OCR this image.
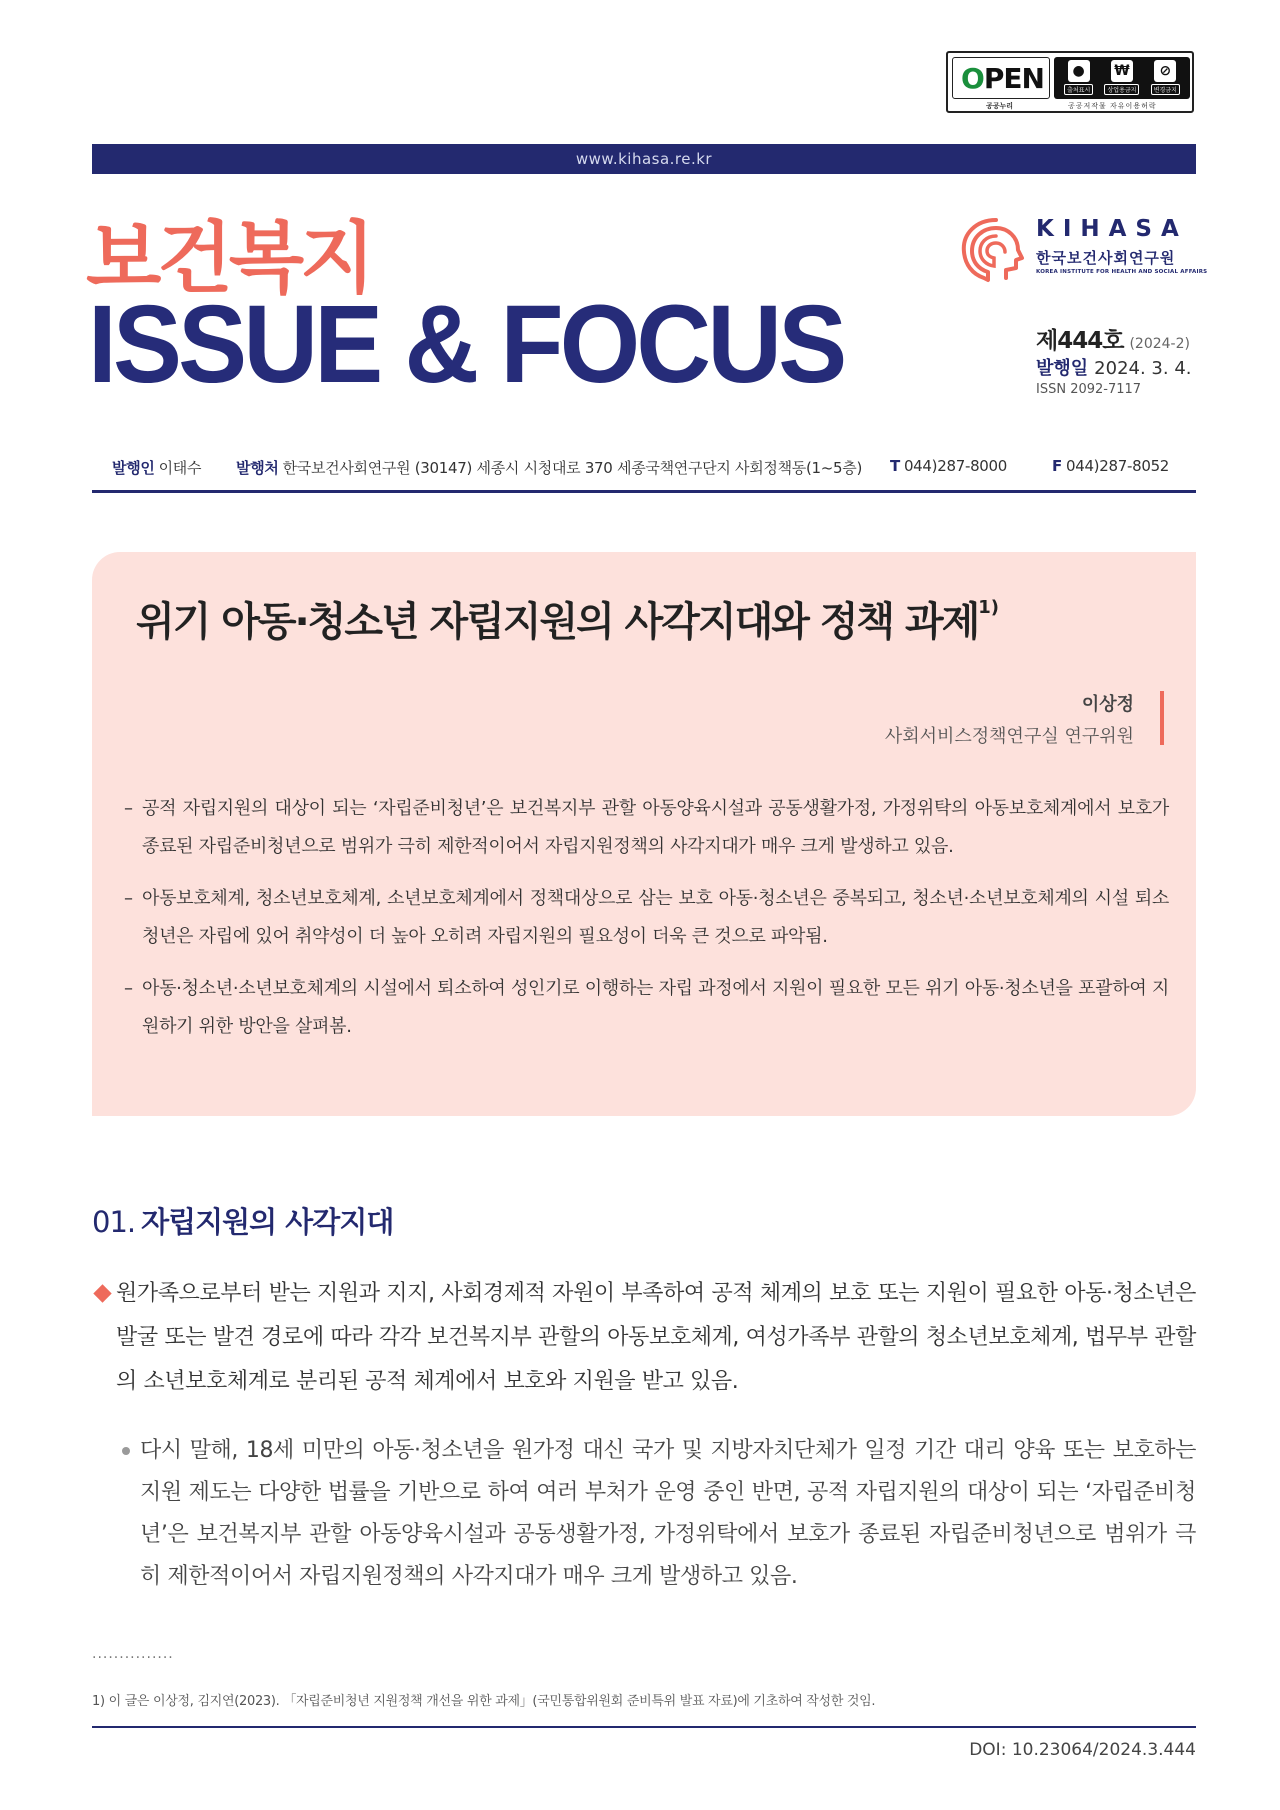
OPEN	●
출처표시
₩
상업용금지
⊘
변경금지
공공누리	공공저작물 자유이용허락
www.kihasa.re.kr
보건복지
ISSUE & FOCUS
KIHASA
한국보건사회연구원
KOREA INSTITUTE FOR HEALTH AND SOCIAL AFFAIRS
제444호 (2024-2)
발행일 2024. 3. 4.
ISSN 2092-7117
발행인 이태수 발행처 한국보건사회연구원 (30147) 세종시 시청대로 370 세종국책연구단지 사회정책동(1~5층) T 044)287-8000	F 044)287-8052
위기 아동·청소년 자립지원의 사각지대와 정책 과제$^{1)}$
이상정
사회서비스정책연구실 연구위원
– 공적 자립지원의 대상이 되는 ‘자립준비청년’은 보건복지부 관할 아동양육시설과 공동생활가정, 가정위탁의 아동보호체계에서 보호가 종료된 자립준비청년으로 범위가 극히 제한적이어서 자립지원정책의 사각지대가 매우 크게 발생하고 있음.
– 아동보호체계, 청소년보호체계, 소년보호체계에서 정책대상으로 삼는 보호 아동·청소년은 중복되고, 청소년·소년보호체계의 시설 퇴소 청년은 자립에 있어 취약성이 더 높아 오히려 자립지원의 필요성이 더욱 큰 것으로 파악됨.
– 아동·청소년·소년보호체계의 시설에서 퇴소하여 성인기로 이행하는 자립 과정에서 지원이 필요한 모든 위기 아동·청소년을 포괄하여 지원하기 위한 방안을 살펴봄.
01. 자립지원의 사각지대
원가족으로부터 받는 지원과 지지, 사회경제적 자원이 부족하여 공적 체계의 보호 또는 지원이 필요한 아동·청소년은 발굴 또는 발견 경로에 따라 각각 보건복지부 관할의 아동보호체계, 여성가족부 관할의 청소년보호체계, 법무부 관할의 소년보호체계로 분리된 공적 체계에서 보호와 지원을 받고 있음.
다시 말해, 18세 미만의 아동·청소년을 원가정 대신 국가 및 지방자치단체가 일정 기간 대리 양육 또는 보호하는 지원 제도는 다양한 법률을 기반으로 하여 여러 부처가 운영 중인 반면, 공적 자립지원의 대상이 되는 ‘자립준비청년’은 보건복지부 관할 아동양육시설과 공동생활가정, 가정위탁에서 보호가 종료된 자립준비청년으로 범위가 극히 제한적이어서 자립지원정책의 사각지대가 매우 크게 발생하고 있음.
...............
1) 이 글은 이상정, 김지연(2023). 「자립준비청년 지원정책 개선을 위한 과제」(국민통합위원회 준비특위 발표 자료)에 기초하여 작성한 것임.
DOI: 10.23064/2024.3.444
